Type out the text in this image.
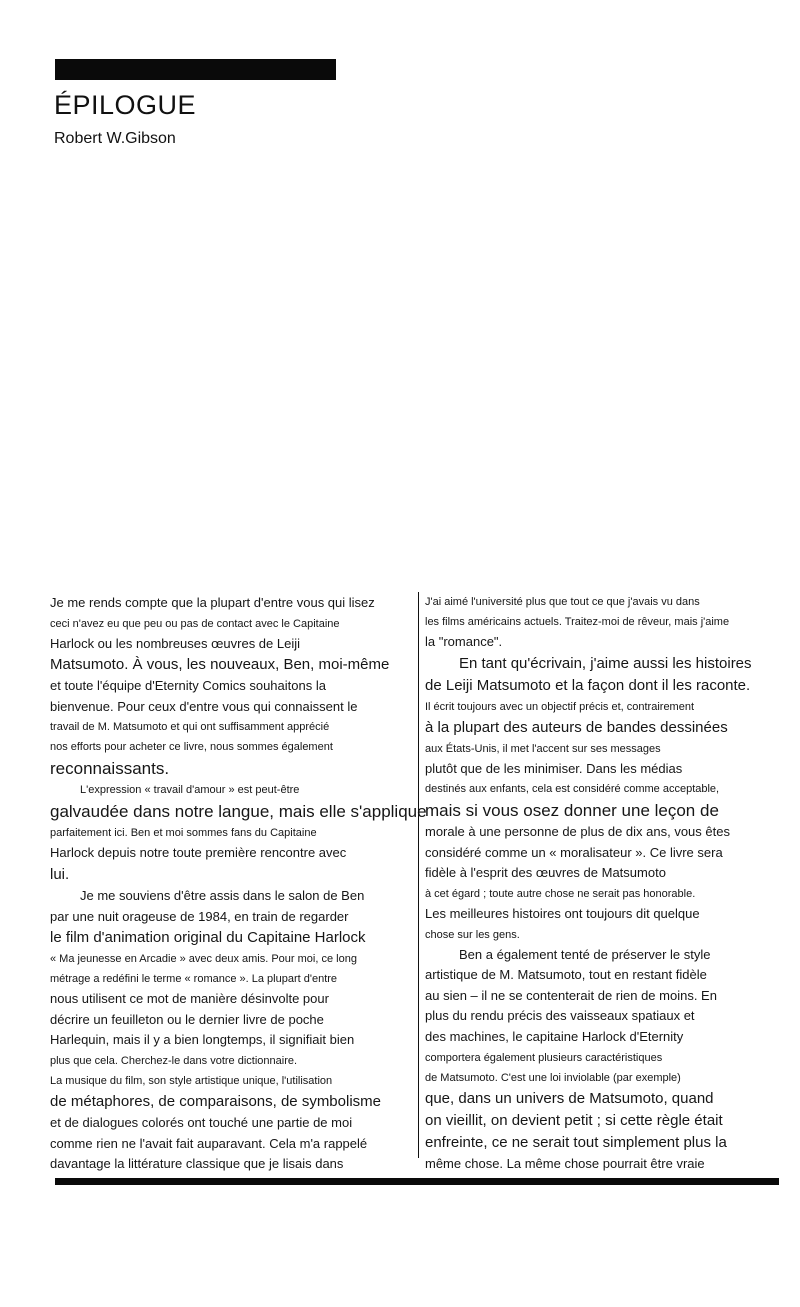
ÉPILOGUE
Robert W.Gibson
Je me rends compte que la plupart d'entre vous qui lisez
ceci n'avez eu que peu ou pas de contact avec le Capitaine
Harlock ou les nombreuses œuvres de Leiji
Matsumoto. À vous, les nouveaux, Ben, moi-même
et toute l'équipe d'Eternity Comics souhaitons la
bienvenue. Pour ceux d'entre vous qui connaissent le
travail de M. Matsumoto et qui ont suffisamment apprécié
nos efforts pour acheter ce livre, nous sommes également
reconnaissants.
L'expression « travail d'amour » est peut-être
galvaudée dans notre langue, mais elle s'applique
parfaitement ici. Ben et moi sommes fans du Capitaine
Harlock depuis notre toute première rencontre avec
lui.
Je me souviens d'être assis dans le salon de Ben
par une nuit orageuse de 1984, en train de regarder
le film d'animation original du Capitaine Harlock
« Ma jeunesse en Arcadie » avec deux amis. Pour moi, ce long
métrage a redéfini le terme « romance ». La plupart d'entre
nous utilisent ce mot de manière désinvolte pour
décrire un feuilleton ou le dernier livre de poche
Harlequin, mais il y a bien longtemps, il signifiait bien
plus que cela. Cherchez-le dans votre dictionnaire.
La musique du film, son style artistique unique, l'utilisation
de métaphores, de comparaisons, de symbolisme
et de dialogues colorés ont touché une partie de moi
comme rien ne l'avait fait auparavant. Cela m'a rappelé
davantage la littérature classique que je lisais dans
J'ai aimé l'université plus que tout ce que j'avais vu dans
les films américains actuels. Traitez-moi de rêveur, mais j'aime
la "romance".
En tant qu'écrivain, j'aime aussi les histoires
de Leiji Matsumoto et la façon dont il les raconte.
Il écrit toujours avec un objectif précis et, contrairement
à la plupart des auteurs de bandes dessinées
aux États-Unis, il met l'accent sur ses messages
plutôt que de les minimiser. Dans les médias
destinés aux enfants, cela est considéré comme acceptable,
mais si vous osez donner une leçon de
morale à une personne de plus de dix ans, vous êtes
considéré comme un « moralisateur ». Ce livre sera
fidèle à l'esprit des œuvres de Matsumoto
à cet égard ; toute autre chose ne serait pas honorable.
Les meilleures histoires ont toujours dit quelque
chose sur les gens.
Ben a également tenté de préserver le style
artistique de M. Matsumoto, tout en restant fidèle
au sien – il ne se contenterait de rien de moins. En
plus du rendu précis des vaisseaux spatiaux et
des machines, le capitaine Harlock d'Eternity
comportera également plusieurs caractéristiques
de Matsumoto. C'est une loi inviolable (par exemple)
que, dans un univers de Matsumoto, quand
on vieillit, on devient petit ; si cette règle était
enfreinte, ce ne serait tout simplement plus la
même chose. La même chose pourrait être vraie
